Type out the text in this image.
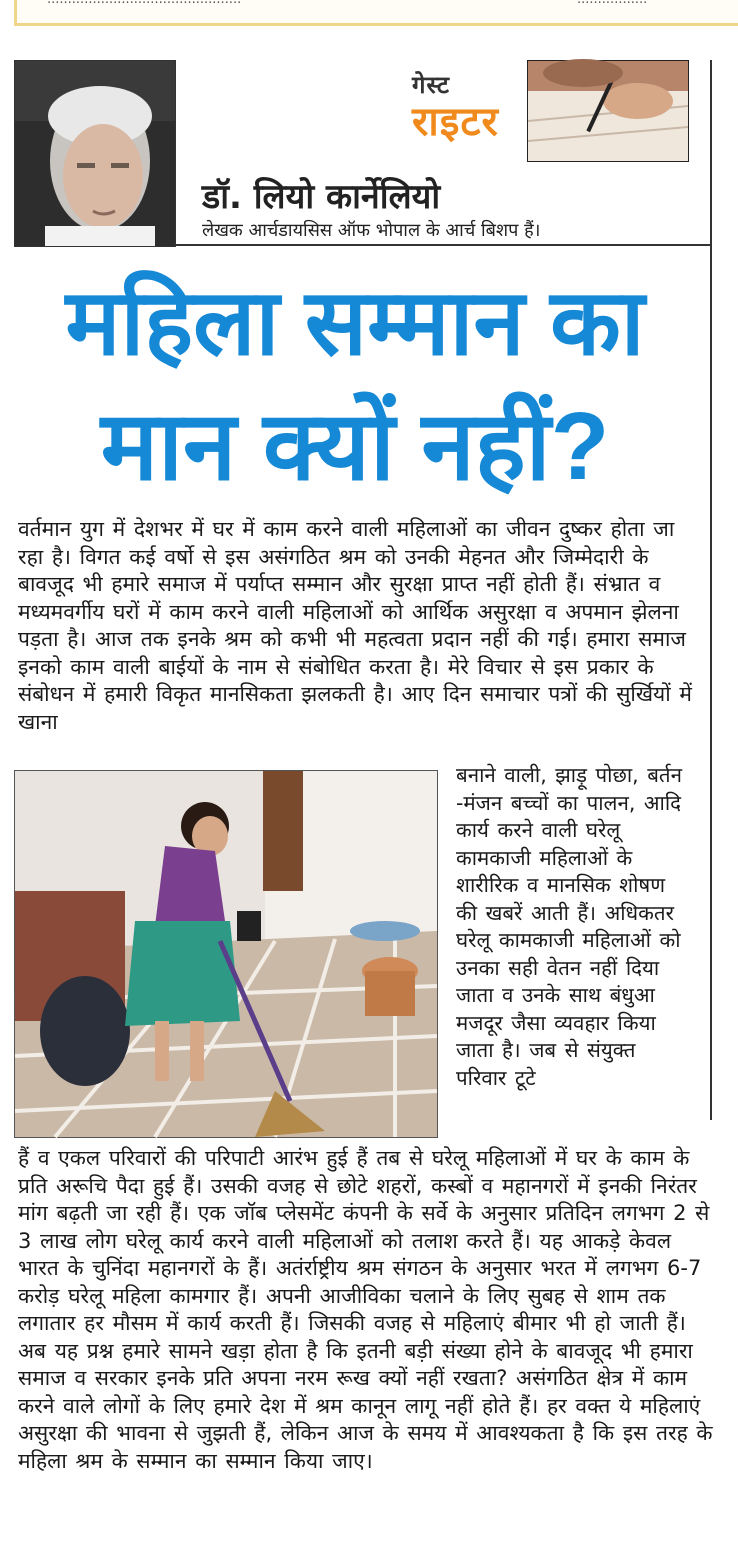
गेस्ट
राइटर
डॉ. लियो कार्नेलियो
लेखक आर्चडायसिस ऑफ भोपाल के आर्च बिशप हैं।
महिला सम्मान का
मान क्यों नहीं?

वर्तमान युग में देशभर में घर में काम करने वाली महिलाओं का जीवन दुष्कर होता जा रहा है। विगत कई वर्षो से इस असंगठित श्रम को उनकी मेहनत और जिम्मेदारी के बावजूद भी हमारे समाज में पर्याप्त सम्मान और सुरक्षा प्राप्त नहीं होती हैं। संभ्रात व मध्यमवर्गीय घरों में काम करने वाली महिलाओं को आर्थिक असुरक्षा व अपमान झेलना पड़ता है। आज तक इनके श्रम को कभी भी महत्वता प्रदान नहीं की गई। हमारा समाज इनको काम वाली बाईयों के नाम से संबोधित करता है। मेरे विचार से इस प्रकार के संबोधन में हमारी विकृत मानसिकता झलकती है। आए दिन समाचार पत्रों की सुर्खियों में खाना

बनाने वाली, झाड़ू पोछा, बर्तन -मंजन बच्चों का पालन, आदि कार्य करने वाली घरेलू कामकाजी महिलाओं के शारीरिक व मानसिक शोषण की खबरें आती हैं। अधिकतर घरेलू कामकाजी महिलाओं को उनका सही वेतन नहीं दिया जाता व उनके साथ बंधुआ मजदूर जैसा व्यवहार किया जाता है। जब से संयुक्त परिवार टूटे

हैं व एकल परिवारों की परिपाटी आरंभ हुई हैं तब से घरेलू महिलाओं में घर के काम के प्रति अरूचि पैदा हुई हैं। उसकी वजह से छोटे शहरों, कस्बों व महानगरों में इनकी निरंतर मांग बढ़ती जा रही हैं। एक जॉब प्लेसमेंट कंपनी के सर्वे के अनुसार प्रतिदिन लगभग 2 से 3 लाख लोग घरेलू कार्य करने वाली महिलाओं को तलाश करते हैं। यह आकड़े केवल भारत के चुनिंदा महानगरों के हैं। अतंर्राष्ट्रीय श्रम संगठन के अनुसार भरत में लगभग 6-7 करोड़ घरेलू महिला कामगार हैं। अपनी आजीविका चलाने के लिए सुबह से शाम तक लगातार हर मौसम में कार्य करती हैं। जिसकी वजह से महिलाएं बीमार भी हो जाती हैं। अब यह प्रश्न हमारे सामने खड़ा होता है कि इतनी बड़ी संख्या होने के बावजूद भी हमारा समाज व सरकार इनके प्रति अपना नरम रूख क्यों नहीं रखता? असंगठित क्षेत्र में काम करने वाले लोगों के लिए हमारे देश में श्रम कानून लागू नहीं होते हैं। हर वक्त ये महिलाएं असुरक्षा की भावना से जुझती हैं, लेकिन आज के समय में आवश्यकता है कि इस तरह के महिला श्रम के सम्मान का सम्मान किया जाए।
